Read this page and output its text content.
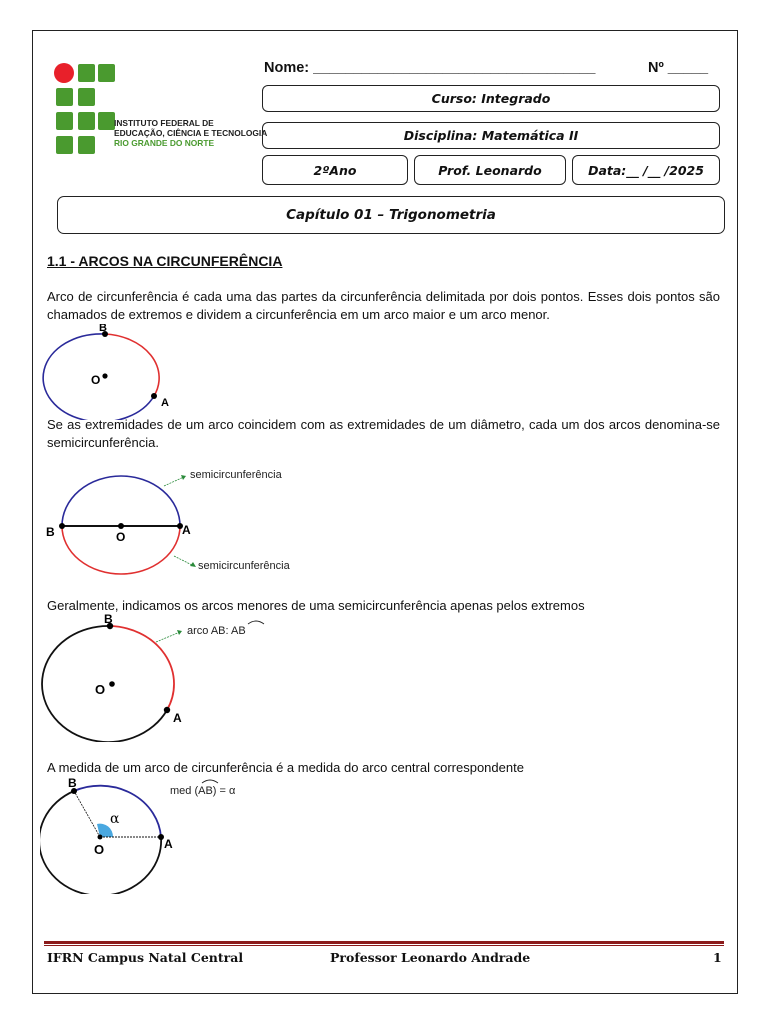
INSTITUTO FEDERAL DE
EDUCAÇÃO, CIÊNCIA E TECNOLOGIA
RIO GRANDE DO NORTE
Nome: ___________________________________	Nº _____
Curso: Integrado
Disciplina: Matemática II
2ºAno	Prof. Leonardo	Data:__ /__ /2025
Capítulo 01 – Trigonometria
1.1 - ARCOS NA CIRCUNFERÊNCIA
Arco de circunferência é cada uma das partes da circunferência delimitada por dois pontos. Esses dois pontos são chamados de extremos e dividem a circunferência em um arco maior e um arco menor.
B
O
A
Se as extremidades de um arco coincidem com as extremidades de um diâmetro, cada um dos arcos denomina-se semicircunferência.
B	O	A
semicircunferência
semicircunferência
Geralmente, indicamos os arcos menores de uma semicircunferência apenas pelos extremos
B
O
A
arco AB: AB
A medida de um arco de circunferência é a medida do arco central correspondente
B
O	A
α
med (AB) = α
IFRN Campus Natal Central	Professor Leonardo Andrade	1
